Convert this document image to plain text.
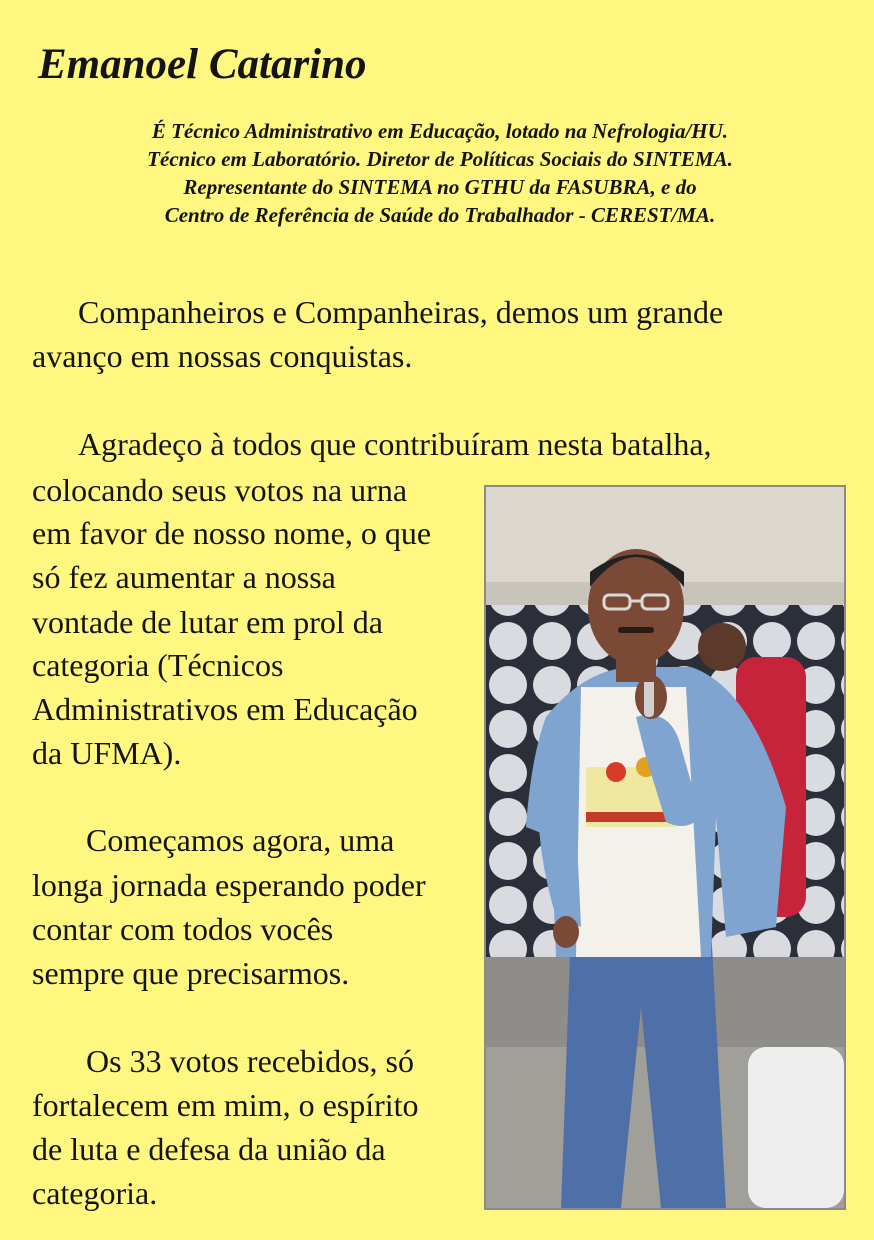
Emanoel Catarino
É Técnico Administrativo em Educação, lotado na Nefrologia/HU.
Técnico em Laboratório. Diretor de Políticas Sociais do SINTEMA.
Representante do SINTEMA no GTHU da FASUBRA, e do
Centro de Referência de Saúde do Trabalhador - CEREST/MA.
Companheiros e Companheiras, demos um grande
avanço em nossas conquistas.
Agradeço à todos que contribuíram nesta batalha,
colocando seus votos na urna
em favor de nosso nome, o que
só fez aumentar a nossa
vontade de lutar em prol da
categoria (Técnicos
Administrativos em Educação
da UFMA).
Começamos agora, uma
longa jornada esperando poder
contar com todos vocês
sempre que precisarmos.
Os 33 votos recebidos, só
fortalecem em mim, o espírito
de luta e defesa da união da
categoria.
